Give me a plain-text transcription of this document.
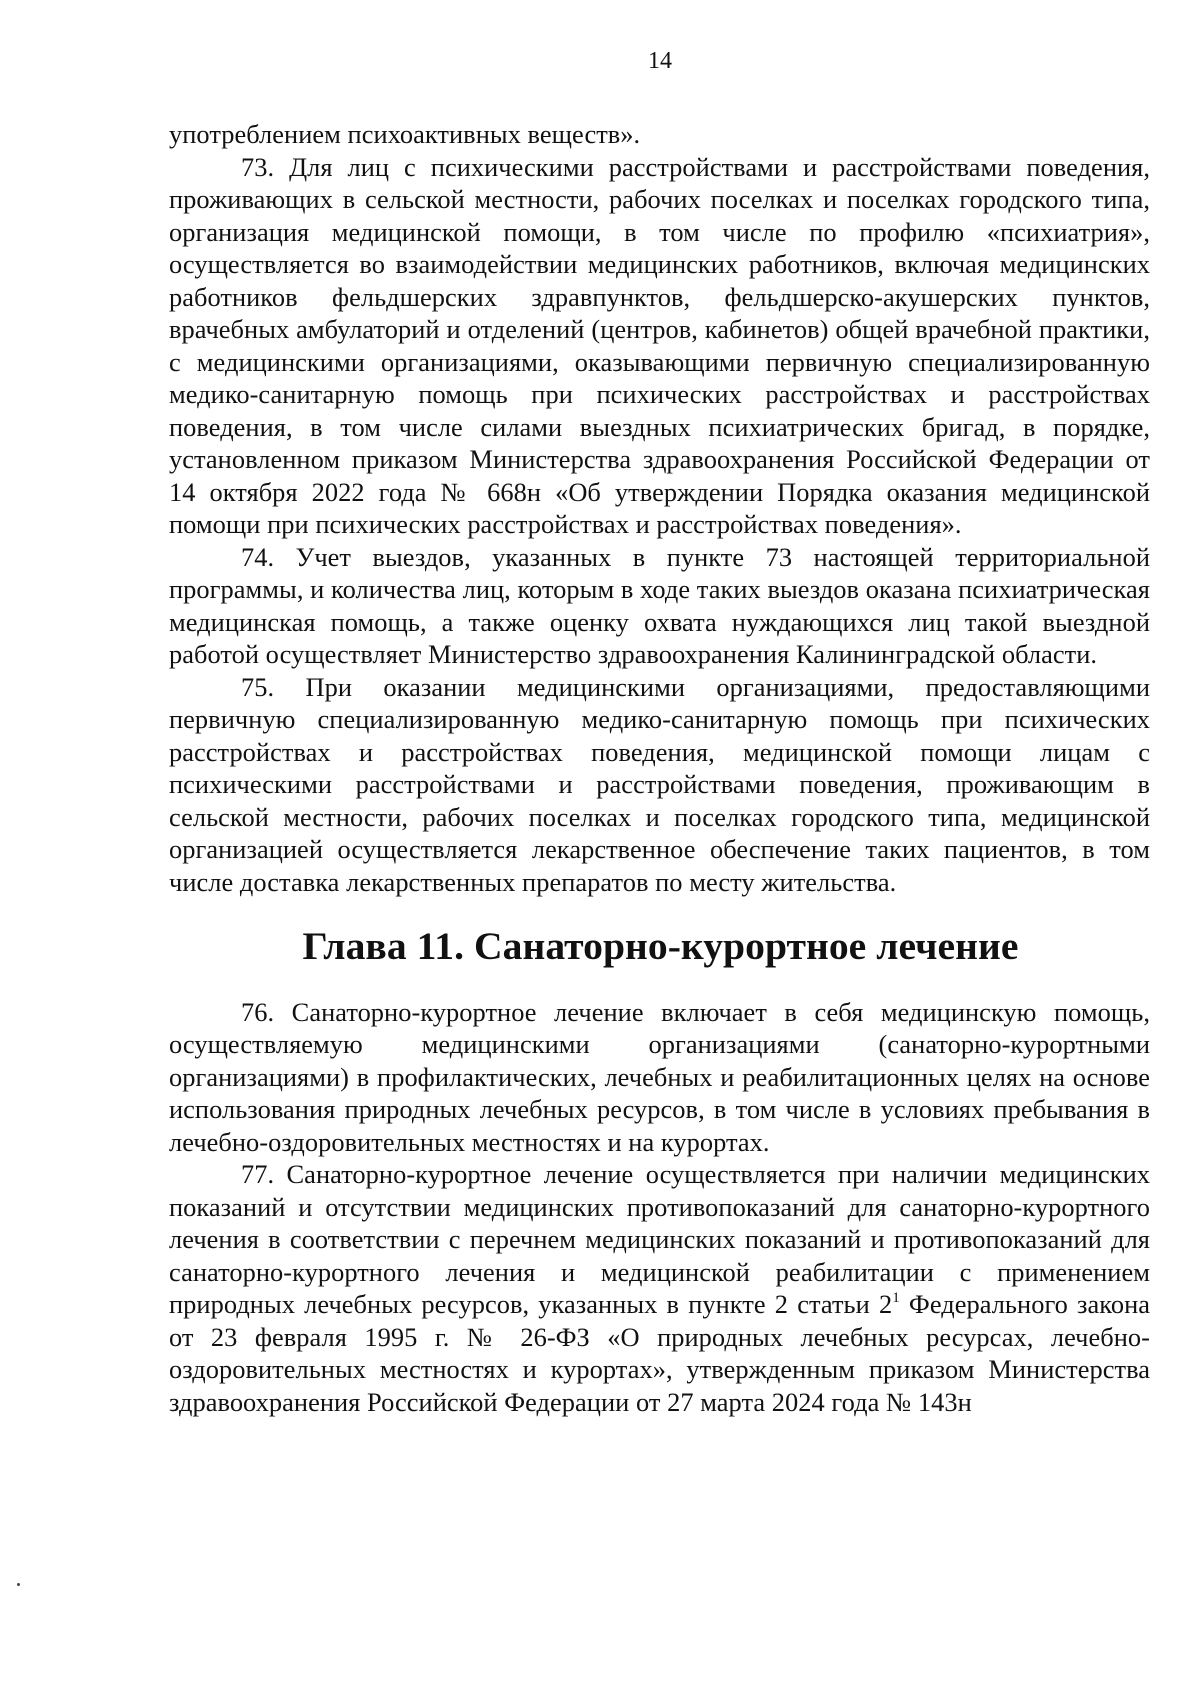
14

употреблением психоактивных веществ».

73. Для лиц с психическими расстройствами и расстройствами поведения, проживающих в сельской местности, рабочих поселках и поселках городского типа, организация медицинской помощи, в том числе по профилю «психиатрия», осуществляется во взаимодействии медицинских работников, включая медицинских работников фельдшерских здравпунктов, фельдшерско-акушерских пунктов, врачебных амбулаторий и отделений (центров, кабинетов) общей врачебной практики, с медицинскими организациями, оказывающими первичную специализированную медико-санитарную помощь при психических расстройствах и расстройствах поведения, в том числе силами выездных психиатрических бригад, в порядке, установленном приказом Министерства здравоохранения Российской Федерации от 14 октября 2022 года № 668н «Об утверждении Порядка оказания медицинской помощи при психических расстройствах и расстройствах поведения».

74. Учет выездов, указанных в пункте 73 настоящей территориальной программы, и количества лиц, которым в ходе таких выездов оказана психиатрическая медицинская помощь, а также оценку охвата нуждающихся лиц такой выездной работой осуществляет Министерство здравоохранения Калининградской области.

75. При оказании медицинскими организациями, предоставляющими первичную специализированную медико-санитарную помощь при психических расстройствах и расстройствах поведения, медицинской помощи лицам с психическими расстройствами и расстройствами поведения, проживающим в сельской местности, рабочих поселках и поселках городского типа, медицинской организацией осуществляется лекарственное обеспечение таких пациентов, в том числе доставка лекарственных препаратов по месту жительства.

Глава 11. Санаторно-курортное лечение

76. Санаторно-курортное лечение включает в себя медицинскую помощь, осуществляемую медицинскими организациями (санаторно-курортными организациями) в профилактических, лечебных и реабилитационных целях на основе использования природных лечебных ресурсов, в том числе в условиях пребывания в лечебно-оздоровительных местностях и на курортах.

77. Санаторно-курортное лечение осуществляется при наличии медицинских показаний и отсутствии медицинских противопоказаний для санаторно-курортного лечения в соответствии с перечнем медицинских показаний и противопоказаний для санаторно-курортного лечения и медицинской реабилитации с применением природных лечебных ресурсов, указанных в пункте 2 статьи $2^1$ Федерального закона от 23 февраля 1995 г. № 26-ФЗ «О природных лечебных ресурсах, лечебно-оздоровительных местностях и курортах», утвержденным приказом Министерства здравоохранения Российской Федерации от 27 марта 2024 года № 143н
